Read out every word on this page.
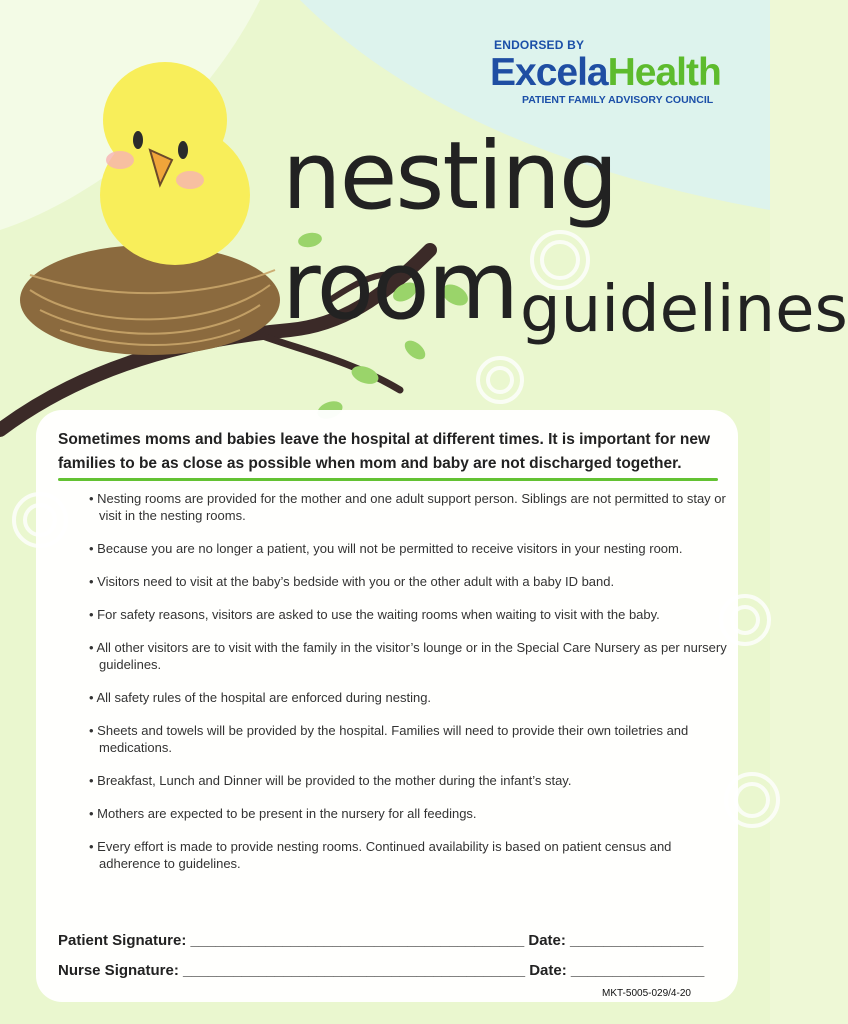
ENDORSED BY
ExcelaHealth
PATIENT FAMILY ADVISORY COUNCIL
nesting room guidelines

Sometimes moms and babies leave the hospital at different times. It is important for new families to be as close as possible when mom and baby are not discharged together.

• Nesting rooms are provided for the mother and one adult support person. Siblings are not permitted to stay or visit in the nesting rooms.
• Because you are no longer a patient, you will not be permitted to receive visitors in your nesting room.
• Visitors need to visit at the baby’s bedside with you or the other adult with a baby ID band.
• For safety reasons, visitors are asked to use the waiting rooms when waiting to visit with the baby.
• All other visitors are to visit with the family in the visitor’s lounge or in the Special Care Nursery as per nursery guidelines.
• All safety rules of the hospital are enforced during nesting.
• Sheets and towels will be provided by the hospital. Families will need to provide their own toiletries and medications.
• Breakfast, Lunch and Dinner will be provided to the mother during the infant’s stay.
• Mothers are expected to be present in the nursery for all feedings.
• Every effort is made to provide nesting rooms. Continued availability is based on patient census and adherence to guidelines.
Patient Signature: ________________________________________ Date: ________________
Nurse Signature: _________________________________________ Date: ________________
MKT-5005-029/4-20
